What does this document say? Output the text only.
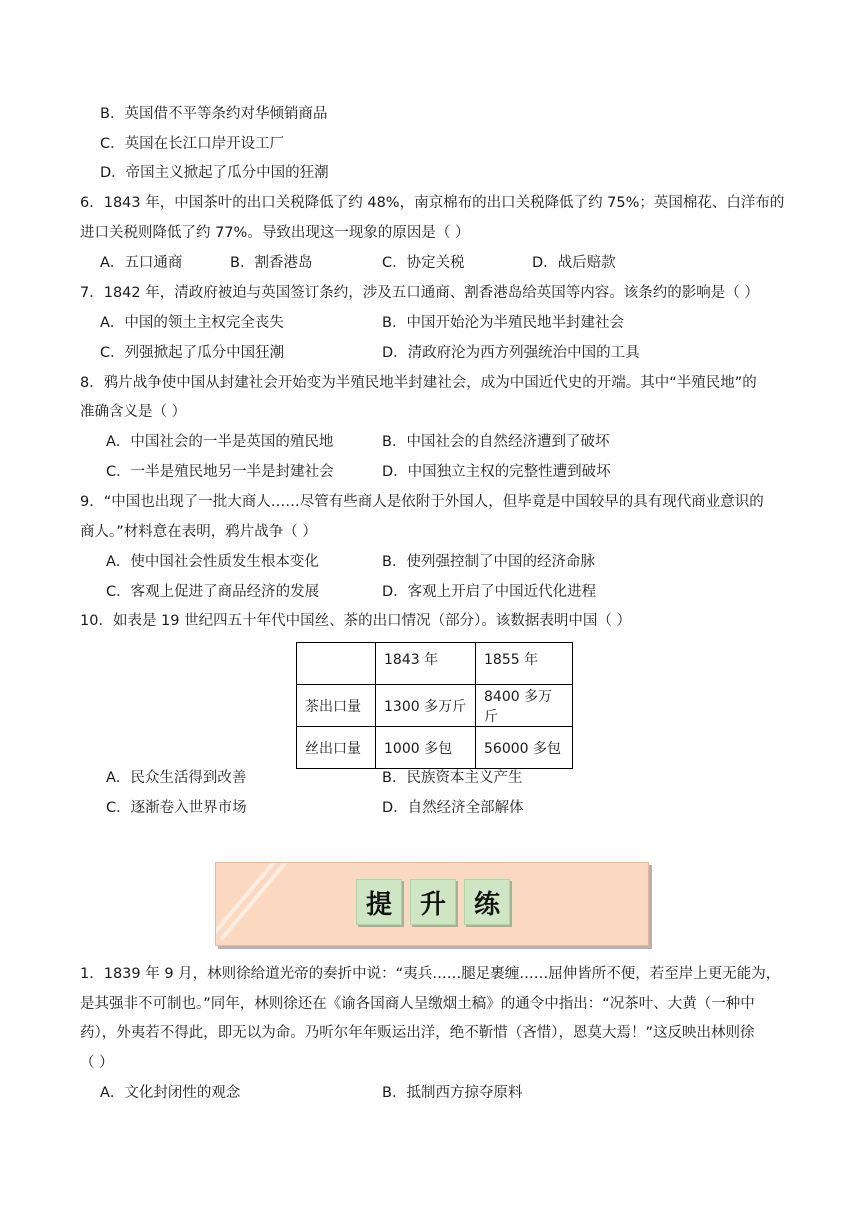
B．英国借不平等条约对华倾销商品
C．英国在长江口岸开设工厂
D．帝国主义掀起了瓜分中国的狂潮
6．1843 年，中国茶叶的出口关税降低了约 48%，南京棉布的出口关税降低了约 75%；英国棉花、白洋布的
进口关税则降低了约 77%。导致出现这一现象的原因是（ ）
A．五口通商	B．割香港岛	C．协定关税	D．战后赔款
7．1842 年，清政府被迫与英国签订条约，涉及五口通商、割香港岛给英国等内容。该条约的影响是（ ）
A．中国的领土主权完全丧失	B．中国开始沦为半殖民地半封建社会
C．列强掀起了瓜分中国狂潮	D．清政府沦为西方列强统治中国的工具
8．鸦片战争使中国从封建社会开始变为半殖民地半封建社会，成为中国近代史的开端。其中“半殖民地”的
准确含义是（ ）
A．中国社会的一半是英国的殖民地	B．中国社会的自然经济遭到了破坏
C．一半是殖民地另一半是封建社会	D．中国独立主权的完整性遭到破坏
9．“中国也出现了一批大商人……尽管有些商人是依附于外国人，但毕竟是中国较早的具有现代商业意识的
商人。”材料意在表明，鸦片战争（ ）
A．使中国社会性质发生根本变化	B．使列强控制了中国的经济命脉
C．客观上促进了商品经济的发展	D．客观上开启了中国近代化进程
10．如表是 19 世纪四五十年代中国丝、茶的出口情况（部分）。该数据表明中国（ ）
	1843 年	1855 年
茶出口量	1300 多万斤	8400 多万斤
丝出口量	1000 多包	56000 多包
A．民众生活得到改善	B．民族资本主义产生
C．逐渐卷入世界市场	D．自然经济全部解体
提	升	练
1．1839 年 9 月，林则徐给道光帝的奏折中说：“夷兵……腿足裹缠……屈伸皆所不便，若至岸上更无能为，
是其强非不可制也。”同年，林则徐还在《谕各国商人呈缴烟土稿》的通令中指出：“况茶叶、大黄（一种中
药），外夷若不得此，即无以为命。乃听尔年年贩运出洋，绝不靳惜（吝惜），恩莫大焉！”这反映出林则徐
（ ）
A．文化封闭性的观念	B．抵制西方掠夺原料
